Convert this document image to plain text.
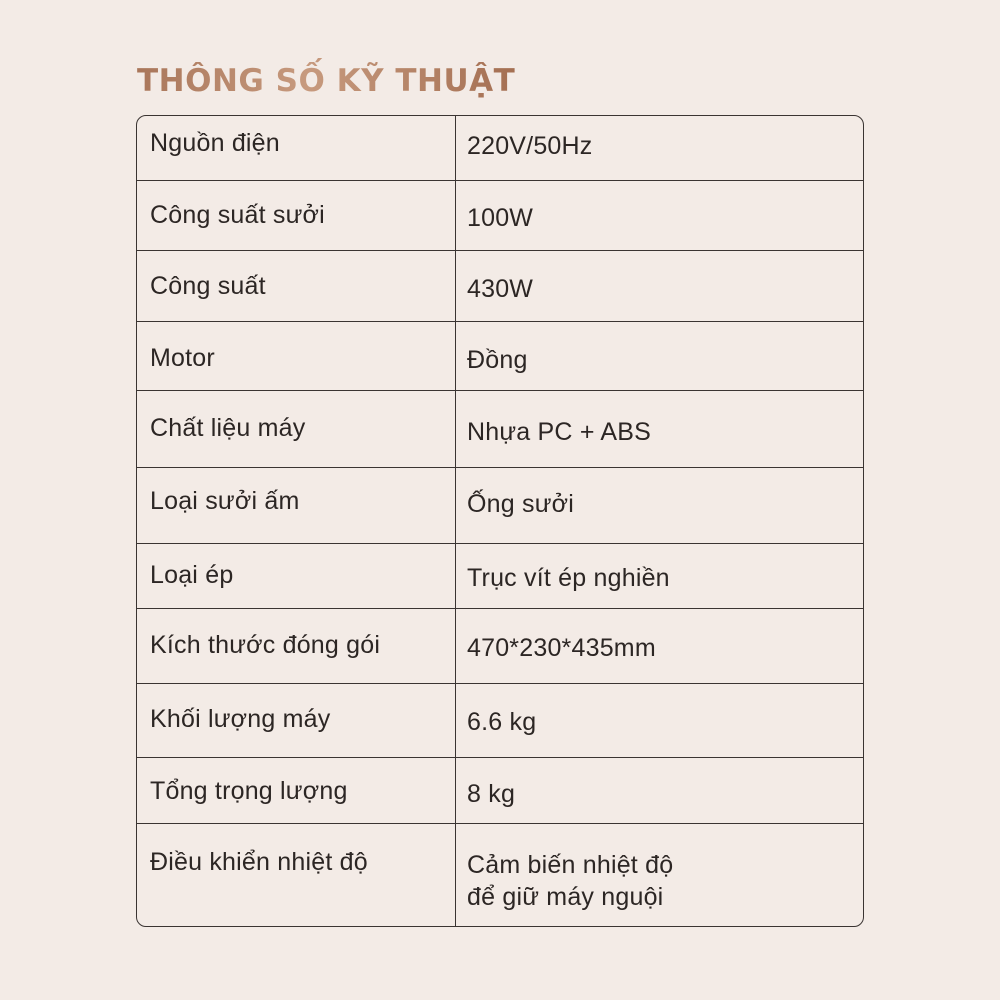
THÔNG SỐ KỸ THUẬT
Nguồn điện	220V/50Hz
Công suất sưởi	100W
Công suất	430W
Motor	Đồng
Chất liệu máy	Nhựa PC + ABS
Loại sưởi ấm	Ống sưởi
Loại ép	Trục vít ép nghiền
Kích thước đóng gói	470*230*435mm
Khối lượng máy	6.6 kg
Tổng trọng lượng	8 kg
Điều khiển nhiệt độ	Cảm biến nhiệt độ
để giữ máy nguội
